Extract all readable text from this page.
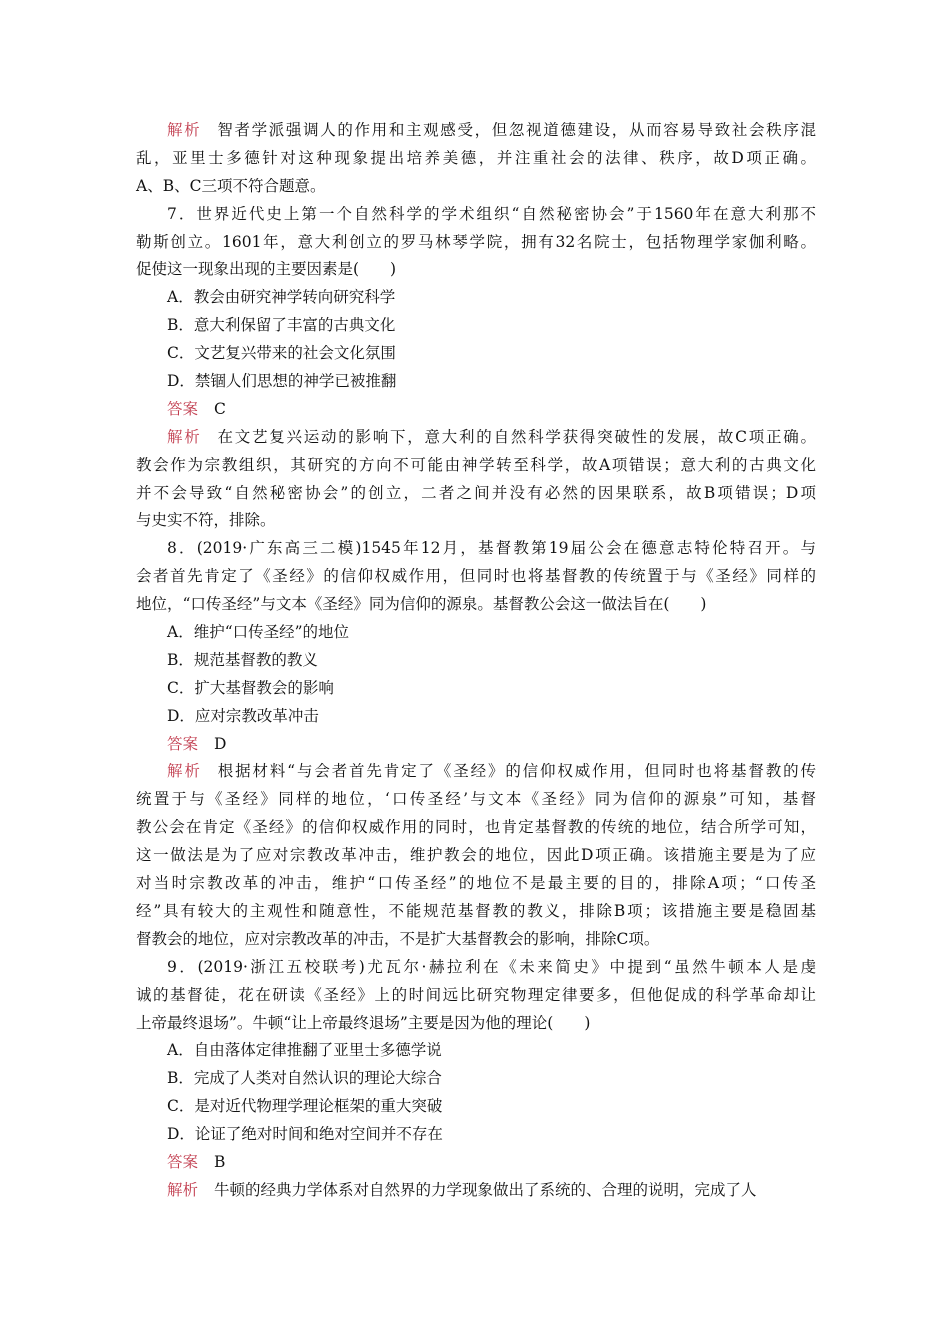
解析 智者学派强调人的作用和主观感受，但忽视道德建设，从而容易导致社会秩序混
乱，亚里士多德针对这种现象提出培养美德，并注重社会的法律、秩序，故D项正确。
A、B、C三项不符合题意。
7．世界近代史上第一个自然科学的学术组织“自然秘密协会”于1560年在意大利那不
勒斯创立。1601年，意大利创立的罗马林琴学院，拥有32名院士，包括物理学家伽利略。
促使这一现象出现的主要因素是(　　)
A．教会由研究神学转向研究科学
B．意大利保留了丰富的古典文化
C．文艺复兴带来的社会文化氛围
D．禁锢人们思想的神学已被推翻
答案 C
解析 在文艺复兴运动的影响下，意大利的自然科学获得突破性的发展，故C项正确。
教会作为宗教组织，其研究的方向不可能由神学转至科学，故A项错误；意大利的古典文化
并不会导致“自然秘密协会”的创立，二者之间并没有必然的因果联系，故B项错误；D项
与史实不符，排除。
8．(2019·广东高三二模)1545年12月，基督教第19届公会在德意志特伦特召开。与
会者首先肯定了《圣经》的信仰权威作用，但同时也将基督教的传统置于与《圣经》同样的
地位，“口传圣经”与文本《圣经》同为信仰的源泉。基督教公会这一做法旨在(　　)
A．维护“口传圣经”的地位
B．规范基督教的教义
C．扩大基督教会的影响
D．应对宗教改革冲击
答案 D
解析 根据材料“与会者首先肯定了《圣经》的信仰权威作用，但同时也将基督教的传
统置于与《圣经》同样的地位，‘口传圣经’与文本《圣经》同为信仰的源泉”可知，基督
教公会在肯定《圣经》的信仰权威作用的同时，也肯定基督教的传统的地位，结合所学可知，
这一做法是为了应对宗教改革冲击，维护教会的地位，因此D项正确。该措施主要是为了应
对当时宗教改革的冲击，维护“口传圣经”的地位不是最主要的目的，排除A项；“口传圣
经”具有较大的主观性和随意性，不能规范基督教的教义，排除B项；该措施主要是稳固基
督教会的地位，应对宗教改革的冲击，不是扩大基督教会的影响，排除C项。
9．(2019·浙江五校联考)尤瓦尔·赫拉利在《未来简史》中提到“虽然牛顿本人是虔
诚的基督徒，花在研读《圣经》上的时间远比研究物理定律要多，但他促成的科学革命却让
上帝最终退场”。牛顿“让上帝最终退场”主要是因为他的理论(　　)
A．自由落体定律推翻了亚里士多德学说
B．完成了人类对自然认识的理论大综合
C．是对近代物理学理论框架的重大突破
D．论证了绝对时间和绝对空间并不存在
答案 B
解析 牛顿的经典力学体系对自然界的力学现象做出了系统的、合理的说明，完成了人
